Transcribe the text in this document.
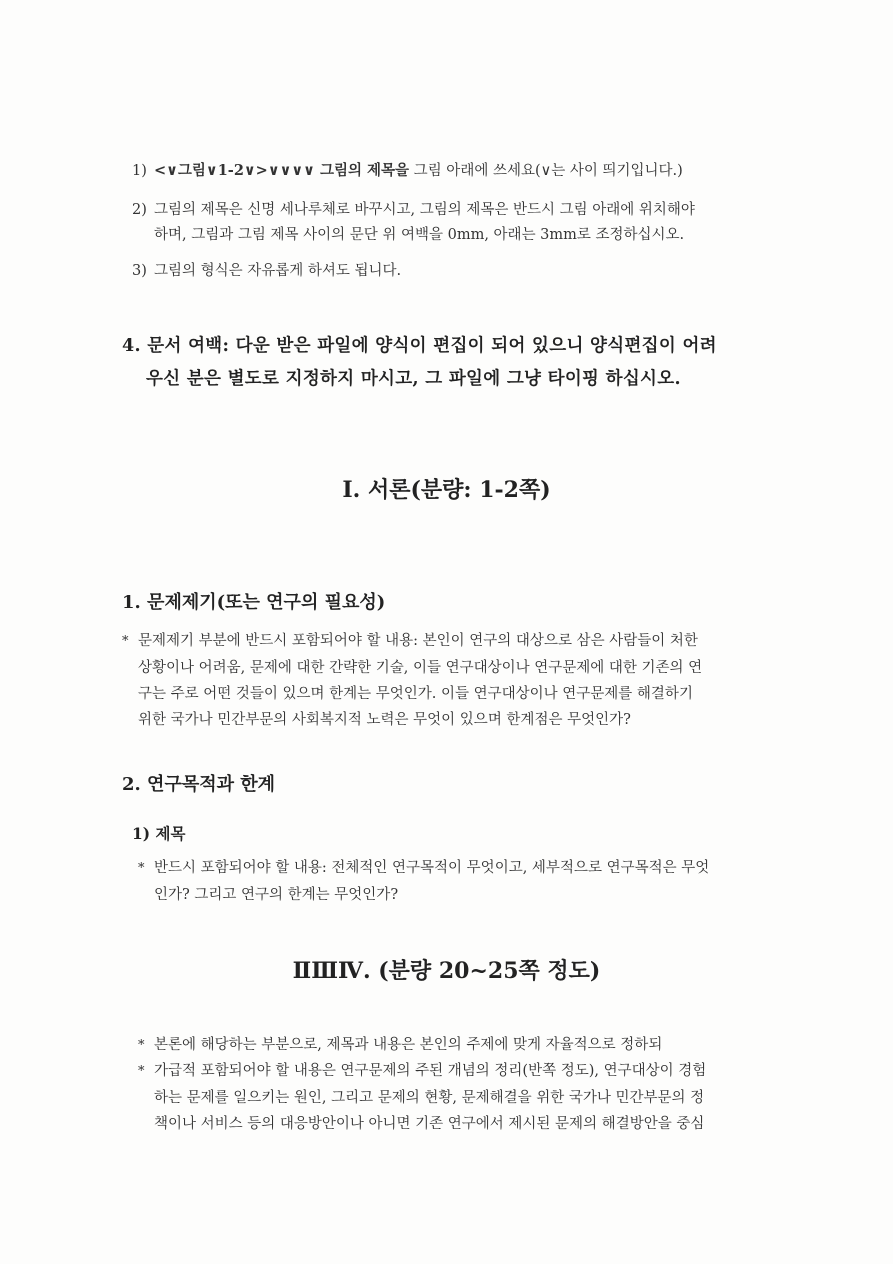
1) <∨그림∨1-2∨>∨∨∨∨ 그림의 제목을 그림 아래에 쓰세요(∨는 사이 띄기입니다.)
2) 그림의 제목은 신명 세나루체로 바꾸시고, 그림의 제목은 반드시 그림 아래에 위치해야
하며, 그림과 그림 제목 사이의 문단 위 여백을 0mm, 아래는 3mm로 조정하십시오.
3) 그림의 형식은 자유롭게 하셔도 됩니다.
4. 문서 여백: 다운 받은 파일에 양식이 편집이 되어 있으니 양식편집이 어려
우신 분은 별도로 지정하지 마시고, 그 파일에 그냥 타이핑 하십시오.
Ⅰ. 서론(분량: 1-2쪽)
1. 문제제기(또는 연구의 필요성)
* 문제제기 부분에 반드시 포함되어야 할 내용: 본인이 연구의 대상으로 삼은 사람들이 처한
상황이나 어려움, 문제에 대한 간략한 기술, 이들 연구대상이나 연구문제에 대한 기존의 연
구는 주로 어떤 것들이 있으며 한계는 무엇인가. 이들 연구대상이나 연구문제를 해결하기
위한 국가나 민간부문의 사회복지적 노력은 무엇이 있으며 한계점은 무엇인가?
2. 연구목적과 한계
1) 제목
* 반드시 포함되어야 할 내용: 전체적인 연구목적이 무엇이고, 세부적으로 연구목적은 무엇
인가? 그리고 연구의 한계는 무엇인가?
ⅡⅢⅣ. (분량 20~25쪽 정도)
* 본론에 해당하는 부분으로, 제목과 내용은 본인의 주제에 맞게 자율적으로 정하되
* 가급적 포함되어야 할 내용은 연구문제의 주된 개념의 정리(반쪽 정도), 연구대상이 경험
하는 문제를 일으키는 원인, 그리고 문제의 현황, 문제해결을 위한 국가나 민간부문의 정
책이나 서비스 등의 대응방안이나 아니면 기존 연구에서 제시된 문제의 해결방안을 중심
